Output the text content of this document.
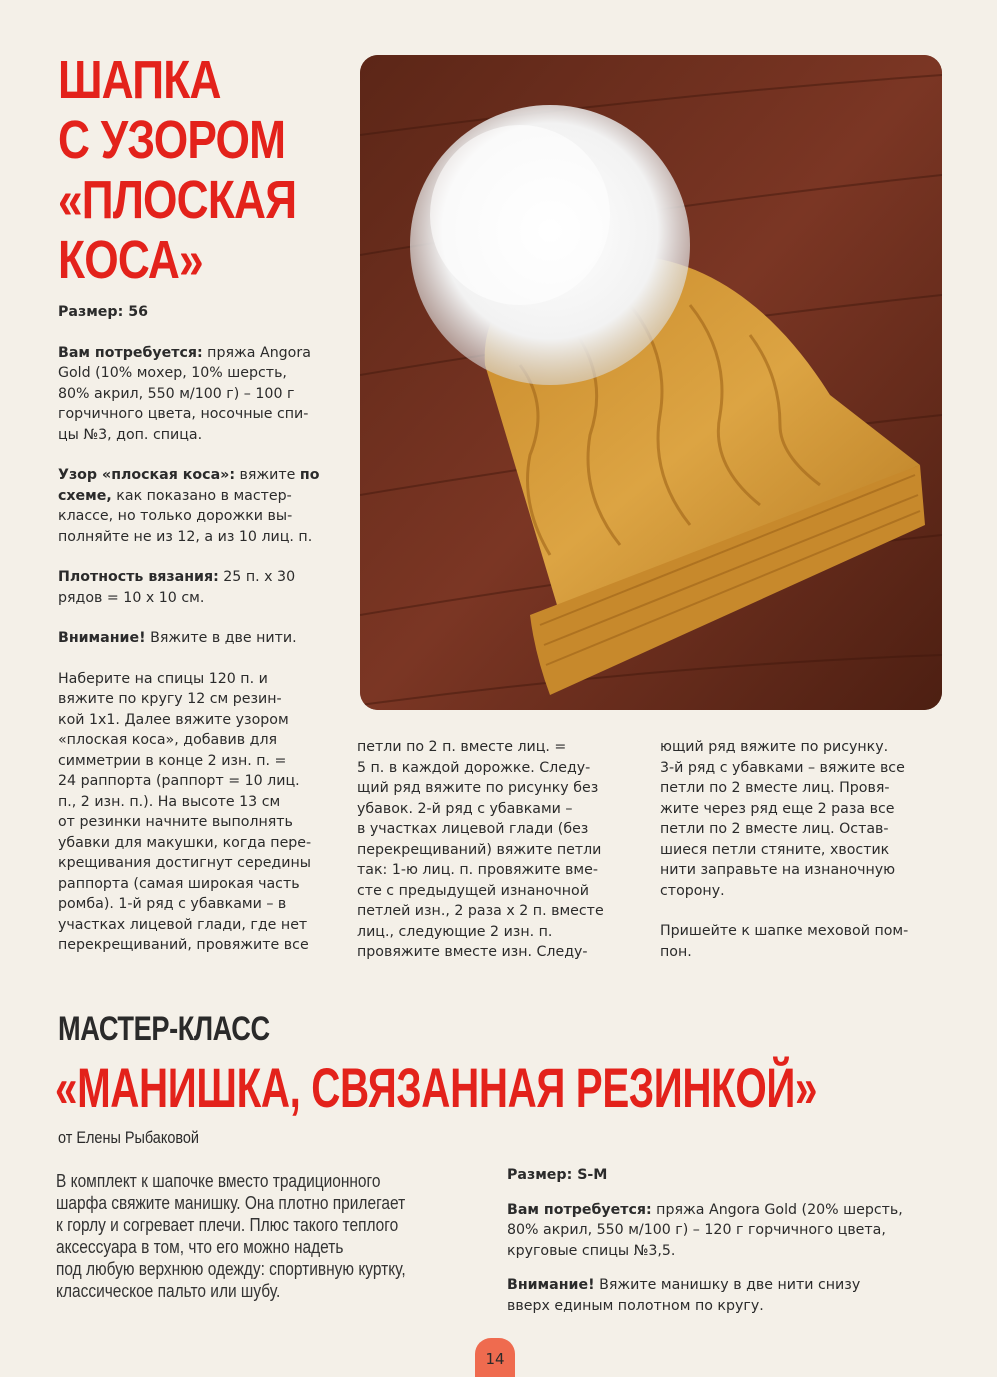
ШАПКА
С УЗОРОМ
«ПЛОСКАЯ
КОСА»
Размер: 56
Вам потребуется: пряжа Angora
Gold (10% мохер, 10% шерсть,
80% акрил, 550 м/100 г) – 100 г
горчичного цвета, носочные спи-
цы №3, доп. спица.
Узор «плоская коса»: вяжите по
схеме, как показано в мастер-
классе, но только дорожки вы-
полняйте не из 12, а из 10 лиц. п.
Плотность вязания: 25 п. х 30
рядов = 10 х 10 см.
Внимание! Вяжите в две нити.
Наберите на спицы 120 п. и
вяжите по кругу 12 см резин-
кой 1х1. Далее вяжите узором
«плоская коса», добавив для
симметрии в конце 2 изн. п. =
24 раппорта (раппорт = 10 лиц.
п., 2 изн. п.). На высоте 13 см
от резинки начните выполнять
убавки для макушки, когда пере-
крещивания достигнут середины
раппорта (самая широкая часть
ромба). 1-й ряд с убавками – в
участках лицевой глади, где нет
перекрещиваний, провяжите все
петли по 2 п. вместе лиц. =
5 п. в каждой дорожке. Следу-
щий ряд вяжите по рисунку без
убавок. 2-й ряд с убавками –
в участках лицевой глади (без
перекрещиваний) вяжите петли
так: 1-ю лиц. п. провяжите вме-
сте с предыдущей изнаночной
петлей изн., 2 раза х 2 п. вместе
лиц., следующие 2 изн. п.
провяжите вместе изн. Следу-
ющий ряд вяжите по рисунку.
3-й ряд с убавками – вяжите все
петли по 2 вместе лиц. Провя-
жите через ряд еще 2 раза все
петли по 2 вместе лиц. Остав-
шиеся петли стяните, хвостик
нити заправьте на изнаночную
сторону.
Пришейте к шапке меховой пом-
пон.
МАСТЕР-КЛАСС
«МАНИШКА, СВЯЗАННАЯ РЕЗИНКОЙ»
от Елены Рыбаковой
В комплект к шапочке вместо традиционного
шарфа свяжите манишку. Она плотно прилегает
к горлу и согревает плечи. Плюс такого теплого
аксессуара в том, что его можно надеть
под любую верхнюю одежду: спортивную куртку,
классическое пальто или шубу.
Размер: S-M
Вам потребуется: пряжа Angora Gold (20% шерсть,
80% акрил, 550 м/100 г) – 120 г горчичного цвета,
круговые спицы №3,5.
Внимание! Вяжите манишку в две нити снизу
вверх единым полотном по кругу.
14
